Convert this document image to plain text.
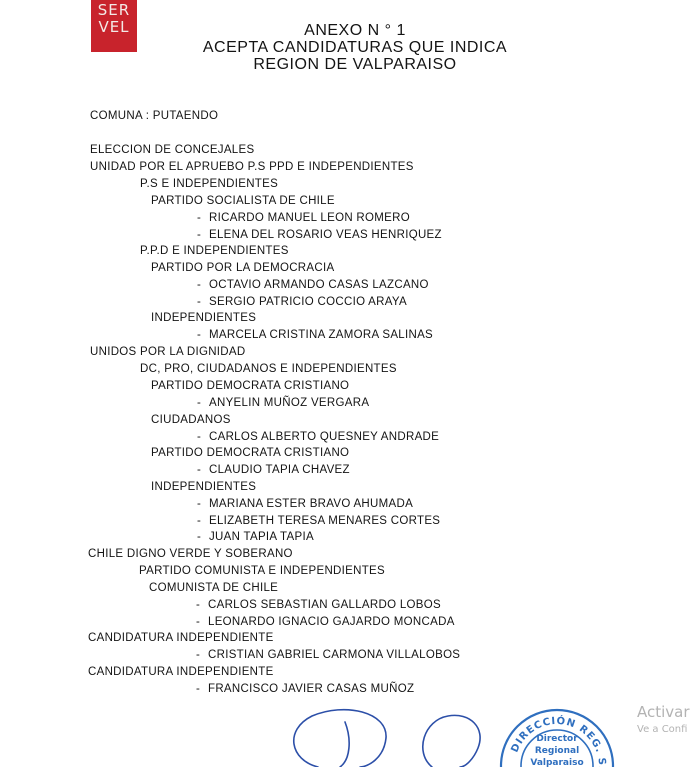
SER
VEL	ANEXO N ° 1
ACEPTA CANDIDATURAS QUE INDICA
REGION DE VALPARAISO
COMUNA : PUTAENDO
ELECCION DE CONCEJALES
UNIDAD POR EL APRUEBO P.S PPD E INDEPENDIENTES
P.S E INDEPENDIENTES
PARTIDO SOCIALISTA DE CHILE
- RICARDO MANUEL LEON ROMERO
- ELENA DEL ROSARIO VEAS HENRIQUEZ
P.P.D E INDEPENDIENTES
PARTIDO POR LA DEMOCRACIA
- OCTAVIO ARMANDO CASAS LAZCANO
- SERGIO PATRICIO COCCIO ARAYA
INDEPENDIENTES
- MARCELA CRISTINA ZAMORA SALINAS
UNIDOS POR LA DIGNIDAD
DC, PRO, CIUDADANOS E INDEPENDIENTES
PARTIDO DEMOCRATA CRISTIANO
- ANYELIN MUÑOZ VERGARA
CIUDADANOS
- CARLOS ALBERTO QUESNEY ANDRADE
PARTIDO DEMOCRATA CRISTIANO
- CLAUDIO TAPIA CHAVEZ
INDEPENDIENTES
- MARIANA ESTER BRAVO AHUMADA
- ELIZABETH TERESA MENARES CORTES
- JUAN TAPIA TAPIA
CHILE DIGNO VERDE Y SOBERANO
PARTIDO COMUNISTA E INDEPENDIENTES
COMUNISTA DE CHILE
- CARLOS SEBASTIAN GALLARDO LOBOS
- LEONARDO IGNACIO GAJARDO MONCADA
CANDIDATURA INDEPENDIENTE
- CRISTIAN GABRIEL CARMONA VILLALOBOS
CANDIDATURA INDEPENDIENTE
- FRANCISCO JAVIER CASAS MUÑOZ
DIRECCIÓN REG. S
Director
Regional
Valparaiso
Activar
Ve a Confi
